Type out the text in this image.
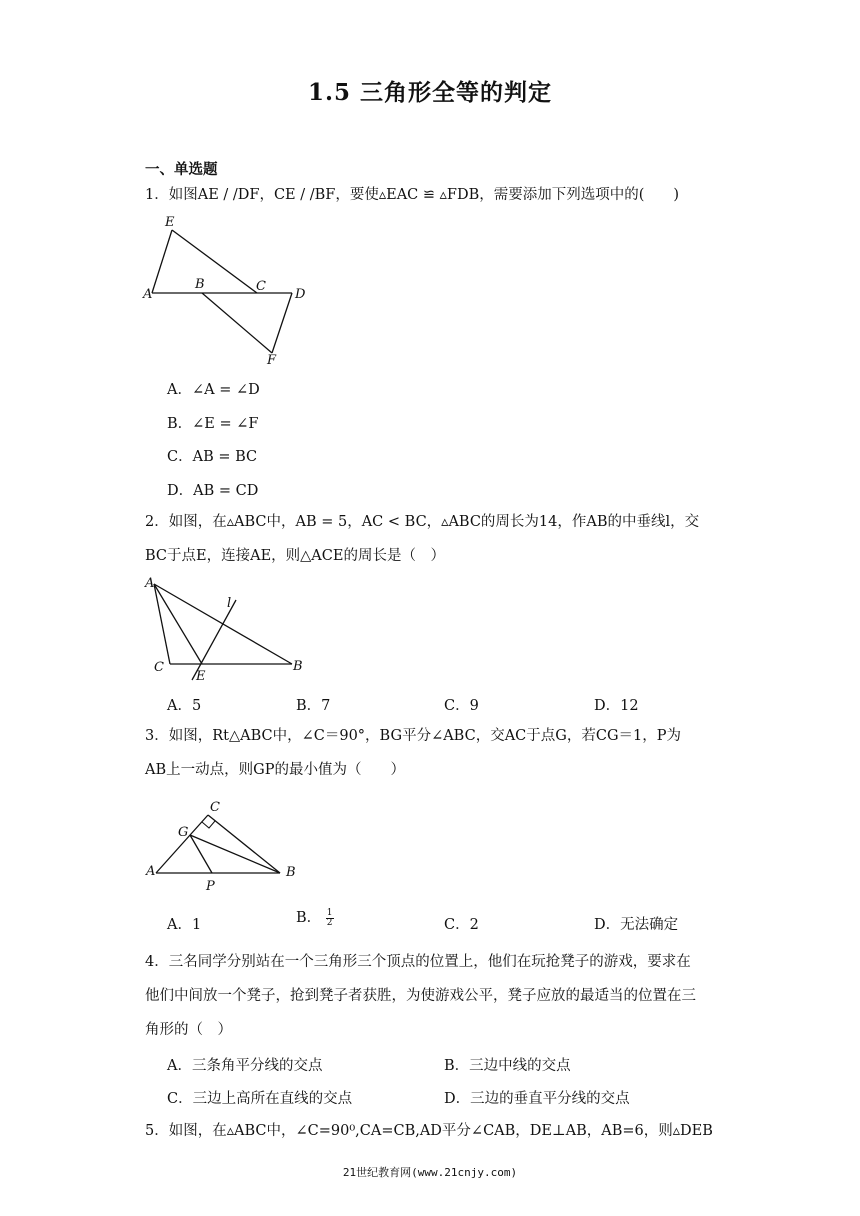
1.5 三角形全等的判定
一、单选题
1．如图AE / /DF，CE / /BF，要使▵EAC ≌ ▵FDB，需要添加下列选项中的(　　)
E
A
B	C
D
F
A．∠A = ∠D
B．∠E = ∠F
C．AB = BC
D．AB = CD
2．如图，在▵ABC中，AB = 5，AC < BC，▵ABC的周长为14，作AB的中垂线l，交
BC于点E，连接AE，则△ACE的周长是（　）
A
l
C
E
B
A．5	B．7	C．9	D．12
3．如图，Rt△ABC中，∠C＝90°，BG平分∠ABC，交AC于点G，若CG＝1，P为
AB上一动点，则GP的最小值为（　　）
C
G
A
P
B
A．1	B． $\frac{1}{2}$	C．2	D．无法确定
4．三名同学分别站在一个三角形三个顶点的位置上，他们在玩抢凳子的游戏，要求在
他们中间放一个凳子，抢到凳子者获胜，为使游戏公平，凳子应放的最适当的位置在三
角形的（　）
A．三条角平分线的交点	B．三边中线的交点
C．三边上高所在直线的交点	D．三边的垂直平分线的交点
5．如图，在▵ABC中，∠C=90⁰,CA=CB,AD平分∠CAB，DE⊥AB，AB=6，则▵DEB
21世纪教育网(www.21cnjy.com)
